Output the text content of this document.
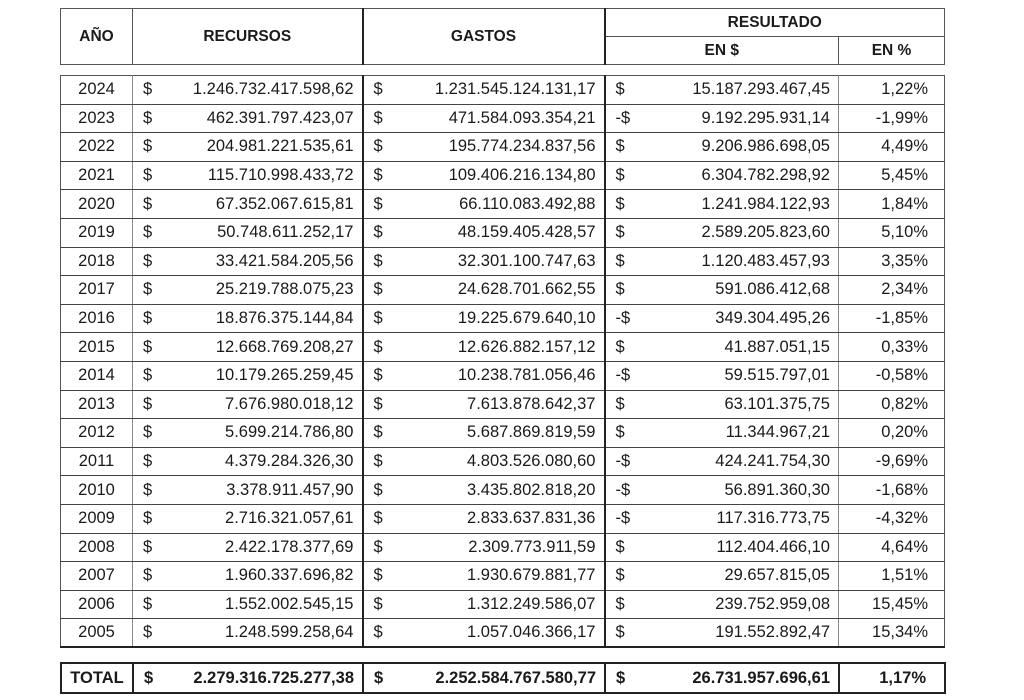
AÑO	RECURSOS	GASTOS	RESULTADO	
			EN $	EN %
2024	$	1.246.732.417.598,62	$	1.231.545.124.131,17	$	15.187.293.467,45	1,22%
2023	$	462.391.797.423,07	$	471.584.093.354,21	-$	9.192.295.931,14	-1,99%
2022	$	204.981.221.535,61	$	195.774.234.837,56	$	9.206.986.698,05	4,49%
2021	$	115.710.998.433,72	$	109.406.216.134,80	$	6.304.782.298,92	5,45%
2020	$	67.352.067.615,81	$	66.110.083.492,88	$	1.241.984.122,93	1,84%
2019	$	50.748.611.252,17	$	48.159.405.428,57	$	2.589.205.823,60	5,10%
2018	$	33.421.584.205,56	$	32.301.100.747,63	$	1.120.483.457,93	3,35%
2017	$	25.219.788.075,23	$	24.628.701.662,55	$	591.086.412,68	2,34%
2016	$	18.876.375.144,84	$	19.225.679.640,10	-$	349.304.495,26	-1,85%
2015	$	12.668.769.208,27	$	12.626.882.157,12	$	41.887.051,15	0,33%
2014	$	10.179.265.259,45	$	10.238.781.056,46	-$	59.515.797,01	-0,58%
2013	$	7.676.980.018,12	$	7.613.878.642,37	$	63.101.375,75	0,82%
2012	$	5.699.214.786,80	$	5.687.869.819,59	$	11.344.967,21	0,20%
2011	$	4.379.284.326,30	$	4.803.526.080,60	-$	424.241.754,30	-9,69%
2010	$	3.378.911.457,90	$	3.435.802.818,20	-$	56.891.360,30	-1,68%
2009	$	2.716.321.057,61	$	2.833.637.831,36	-$	117.316.773,75	-4,32%
2008	$	2.422.178.377,69	$	2.309.773.911,59	$	112.404.466,10	4,64%
2007	$	1.960.337.696,82	$	1.930.679.881,77	$	29.657.815,05	1,51%
2006	$	1.552.002.545,15	$	1.312.249.586,07	$	239.752.959,08	15,45%
2005	$	1.248.599.258,64	$	1.057.046.366,17	$	191.552.892,47	15,34%
TOTAL	$	2.279.316.725.277,38	$	2.252.584.767.580,77	$	26.731.957.696,61	1,17%
